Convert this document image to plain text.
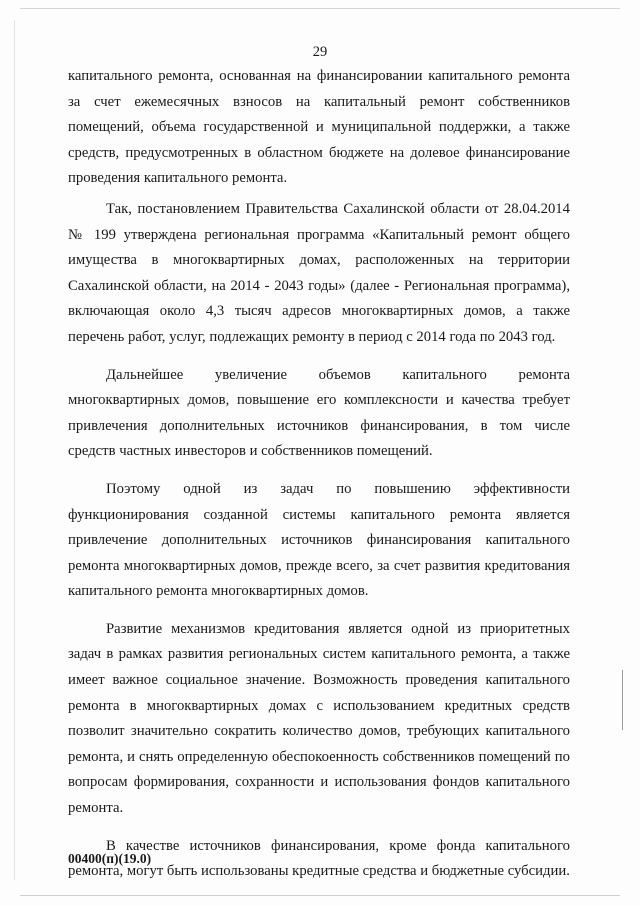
29

капитального ремонта, основанная на финансировании капитального ремонта за счет ежемесячных взносов на капитальный ремонт собственников помещений, объема государственной и муниципальной поддержки, а также средств, предусмотренных в областном бюджете на долевое финансирование проведения капитального ремонта.

Так, постановлением Правительства Сахалинской области от 28.04.2014 № 199 утверждена региональная программа «Капитальный ремонт общего имущества в многоквартирных домах, расположенных на территории Сахалинской области, на 2014 - 2043 годы» (далее - Региональная программа), включающая около 4,3 тысяч адресов многоквартирных домов, а также перечень работ, услуг, подлежащих ремонту в период с 2014 года по 2043 год.

Дальнейшее увеличение объемов капитального ремонта многоквартирных домов, повышение его комплексности и качества требует привлечения дополнительных источников финансирования, в том числе средств частных инвесторов и собственников помещений.

Поэтому одной из задач по повышению эффективности функционирования созданной системы капитального ремонта является привлечение дополнительных источников финансирования капитального ремонта многоквартирных домов, прежде всего, за счет развития кредитования капитального ремонта многоквартирных домов.

Развитие механизмов кредитования является одной из приоритетных задач в рамках развития региональных систем капитального ремонта, а также имеет важное социальное значение. Возможность проведения капитального ремонта в многоквартирных домах с использованием кредитных средств позволит значительно сократить количество домов, требующих капитального ремонта, и снять определенную обеспокоенность собственников помещений по вопросам формирования, сохранности и использования фондов капитального ремонта.

В качестве источников финансирования, кроме фонда капитального ремонта, могут быть использованы кредитные средства и бюджетные субсидии.

00400(п)(19.0)
